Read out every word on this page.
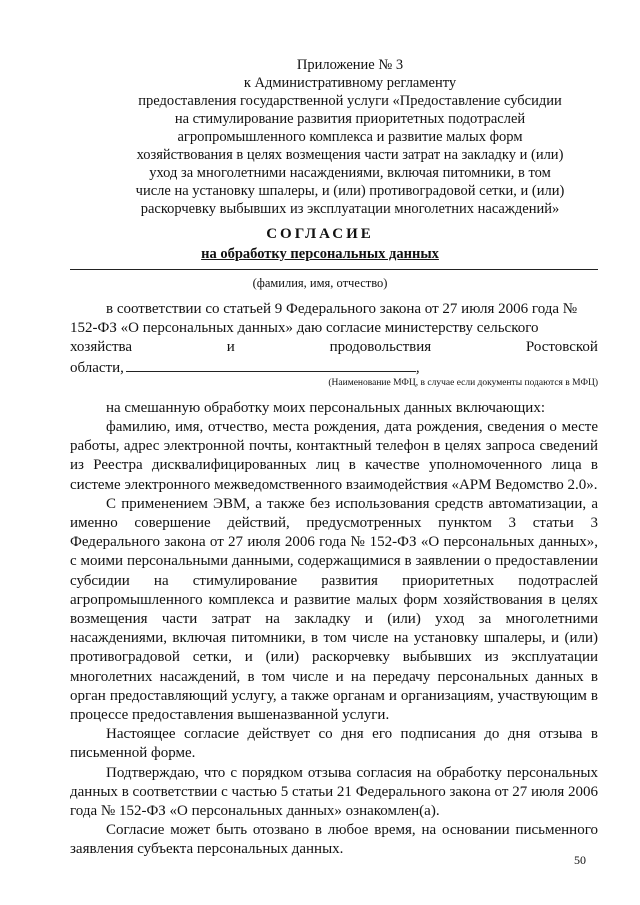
Приложение № 3
к Административному регламенту
предоставления государственной услуги «Предоставление субсидии
на стимулирование развития приоритетных подотраслей
агропромышленного комплекса и развитие малых форм
хозяйствования в целях возмещения части затрат на закладку и (или)
уход за многолетними насаждениями, включая питомники, в том
числе на установку шпалеры, и (или) противоградовой сетки, и (или)
раскорчевку выбывших из эксплуатации многолетних насаждений»
СОГЛАСИЕ
на обработку персональных данных
(фамилия, имя, отчество)

в соответствии со статьей 9 Федерального закона от 27 июля 2006 года №

152-ФЗ «О персональных данных» даю согласие министерству сельского

хозяйства	и	продовольствия	Ростовской
области,	,
(Наименование МФЦ, в случае если документы подаются в МФЦ)

на смешанную обработку моих персональных данных включающих:

фамилию, имя, отчество, места рождения, дата рождения, сведения о месте работы, адрес электронной почты, контактный телефон в целях запроса сведений из Реестра дисквалифицированных лиц в качестве уполномоченного лица в системе электронного межведомственного взаимодействия «АРМ Ведомство 2.0».

С применением ЭВМ, а также без использования средств автоматизации, а именно совершение действий, предусмотренных пунктом 3 статьи 3 Федерального закона от 27 июля 2006 года № 152-ФЗ «О персональных данных», с моими персональными данными, содержащимися в заявлении о предоставлении субсидии на стимулирование развития приоритетных подотраслей агропромышленного комплекса и развитие малых форм хозяйствования в целях возмещения части затрат на закладку и (или) уход за многолетними насаждениями, включая питомники, в том числе на установку шпалеры, и (или) противоградовой сетки, и (или) раскорчевку выбывших из эксплуатации многолетних насаждений, в том числе и на передачу персональных данных в орган предоставляющий услугу, а также органам и организациям, участвующим в процессе предоставления вышеназванной услуги.

Настоящее согласие действует со дня его подписания до дня отзыва в письменной форме.

Подтверждаю, что с порядком отзыва согласия на обработку персональных данных в соответствии с частью 5 статьи 21 Федерального закона от 27 июля 2006 года № 152-ФЗ «О персональных данных» ознакомлен(а).

Согласие может быть отозвано в любое время, на основании письменного заявления субъекта персональных данных.

50
